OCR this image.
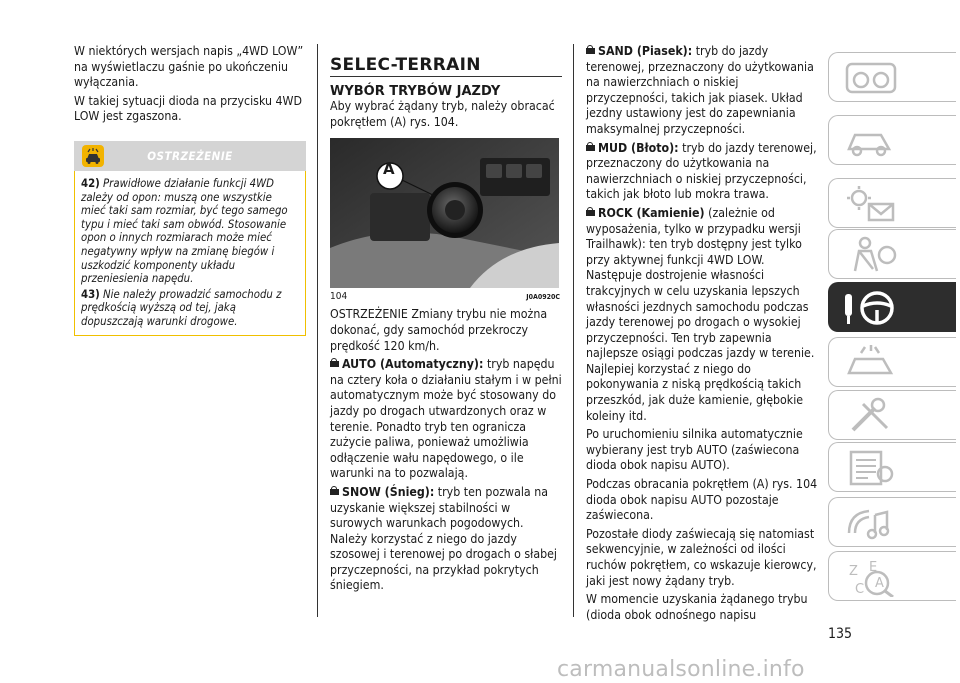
W niektórych wersjach napis „4WD LOW” na wyświetlaczu gaśnie po ukończeniu wyłączania.

W takiej sytuacji dioda na przycisku 4WD LOW jest zgaszona.

OSTRZEŻENIE

42) Prawidłowe działanie funkcji 4WD zależy od opon: muszą one wszystkie mieć taki sam rozmiar, być tego samego typu i mieć taki sam obwód. Stosowanie opon o innych rozmiarach może mieć negatywny wpływ na zmianę biegów i uszkodzić komponenty układu przeniesienia napędu.

43) Nie należy prowadzić samochodu z prędkością wyższą od tej, jaką dopuszczają warunki drogowe.

SELEC-TERRAIN
WYBÓR TRYBÓW JAZDY

Aby wybrać żądany tryb, należy obracać pokrętłem (A) rys. 104.

A
104	J0A0920C

OSTRZEŻENIE Zmiany trybu nie można dokonać, gdy samochód przekroczy prędkość 120 km/h.

AUTO (Automatyczny): tryb napędu na cztery koła o działaniu stałym i w pełni automatycznym może być stosowany do jazdy po drogach utwardzonych oraz w terenie. Ponadto tryb ten ogranicza zużycie paliwa, ponieważ umożliwia odłączenie wału napędowego, o ile warunki na to pozwalają.

SNOW (Śnieg): tryb ten pozwala na uzyskanie większej stabilności w surowych warunkach pogodowych. Należy korzystać z niego do jazdy szosowej i terenowej po drogach o słabej przyczepności, na przykład pokrytych śniegiem.

SAND (Piasek): tryb do jazdy terenowej, przeznaczony do użytkowania na nawierzchniach o niskiej przyczepności, takich jak piasek. Układ jezdny ustawiony jest do zapewniania maksymalnej przyczepności.

MUD (Błoto): tryb do jazdy terenowej, przeznaczony do użytkowania na nawierzchniach o niskiej przyczepności, takich jak błoto lub mokra trawa.

ROCK (Kamienie) (zależnie od wyposażenia, tylko w przypadku wersji Trailhawk): ten tryb dostępny jest tylko przy aktywnej funkcji 4WD LOW. Następuje dostrojenie własności trakcyjnych w celu uzyskania lepszych własności jezdnych samochodu podczas jazdy terenowej po drogach o wysokiej przyczepności. Ten tryb zapewnia najlepsze osiągi podczas jazdy w terenie. Najlepiej korzystać z niego do pokonywania z niską prędkością takich przeszkód, jak duże kamienie, głębokie koleiny itd.

Po uruchomieniu silnika automatycznie wybierany jest tryb AUTO (zaświecona dioda obok napisu AUTO).

Podczas obracania pokrętłem (A) rys. 104 dioda obok napisu AUTO pozostaje zaświecona.

Pozostałe diody zaświecają się natomiast sekwencyjnie, w zależności od ilości ruchów pokrętłem, co wskazuje kierowcy, jaki jest nowy żądany tryb.

W momencie uzyskania żądanego trybu (dioda obok odnośnego napisu

Z E
A
C
135
carmanualsonline.info
